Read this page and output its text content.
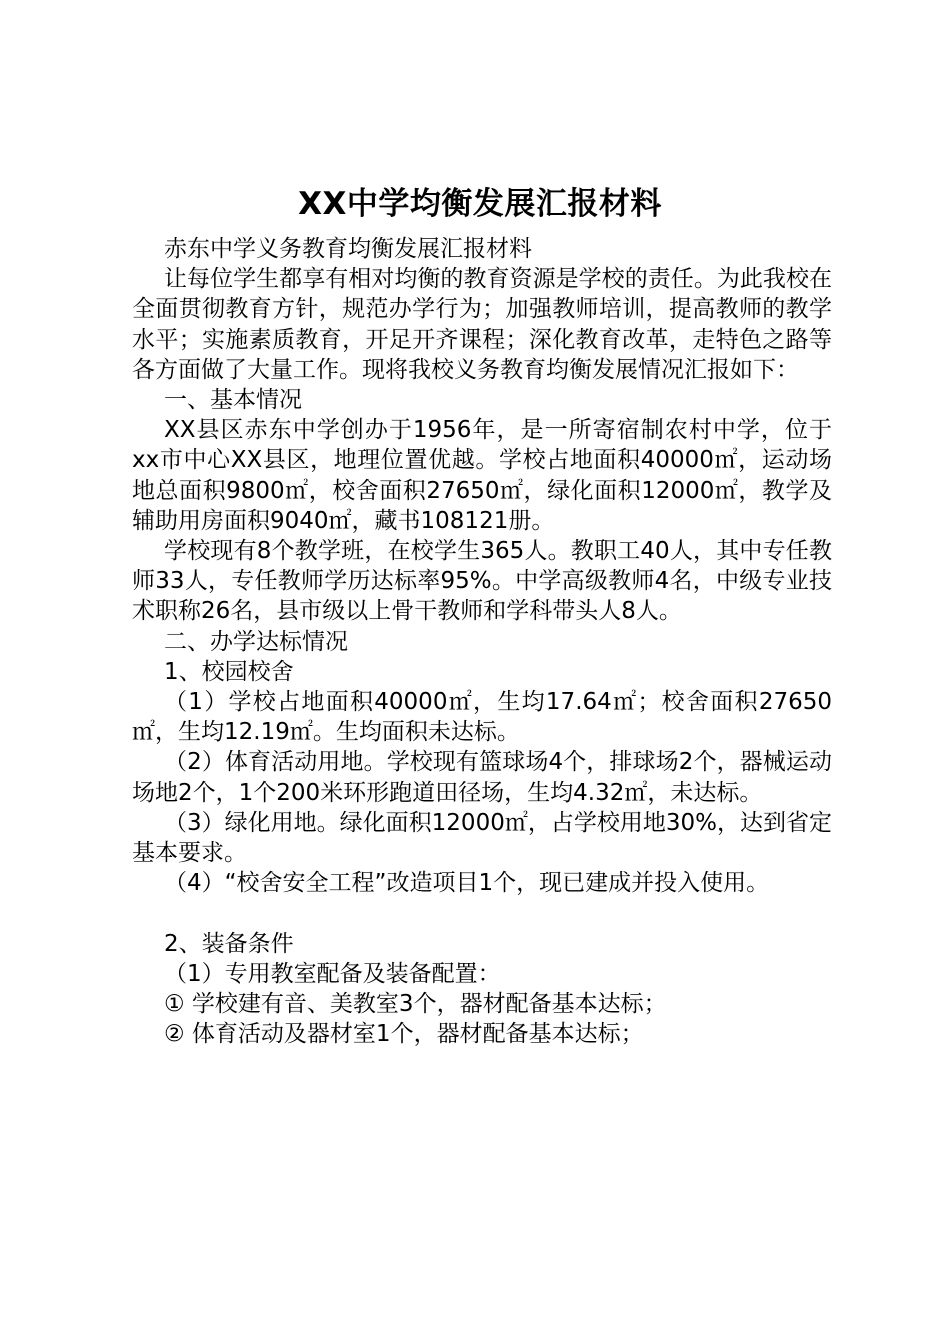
XX中学均衡发展汇报材料

赤东中学义务教育均衡发展汇报材料

让每位学生都享有相对均衡的教育资源是学校的责任。为此我校在全面贯彻教育方针，规范办学行为；加强教师培训，提高教师的教学水平；实施素质教育，开足开齐课程；深化教育改革，走特色之路等各方面做了大量工作。现将我校义务教育均衡发展情况汇报如下：

一、基本情况

XX县区赤东中学创办于1956年，是一所寄宿制农村中学，位于xx市中心XX县区，地理位置优越。学校占地面积40000㎡，运动场地总面积9800㎡，校舍面积27650㎡，绿化面积12000㎡，教学及辅助用房面积9040㎡，藏书108121册。

学校现有8个教学班，在校学生365人。教职工40人，其中专任教师33人，专任教师学历达标率95%。中学高级教师4名，中级专业技术职称26名，县市级以上骨干教师和学科带头人8人。

二、办学达标情况

1、校园校舍

（1）学校占地面积40000㎡，生均17.64㎡；校舍面积27650㎡，生均12.19㎡。生均面积未达标。

（2）体育活动用地。学校现有篮球场4个，排球场2个，器械运动场地2个，1个200米环形跑道田径场，生均4.32㎡，未达标。

（3）绿化用地。绿化面积12000㎡，占学校用地30%，达到省定基本要求。

（4）“校舍安全工程”改造项目1个，现已建成并投入使用。

2、装备条件

（1）专用教室配备及装备配置：

① 学校建有音、美教室3个，器材配备基本达标；

② 体育活动及器材室1个，器材配备基本达标；
